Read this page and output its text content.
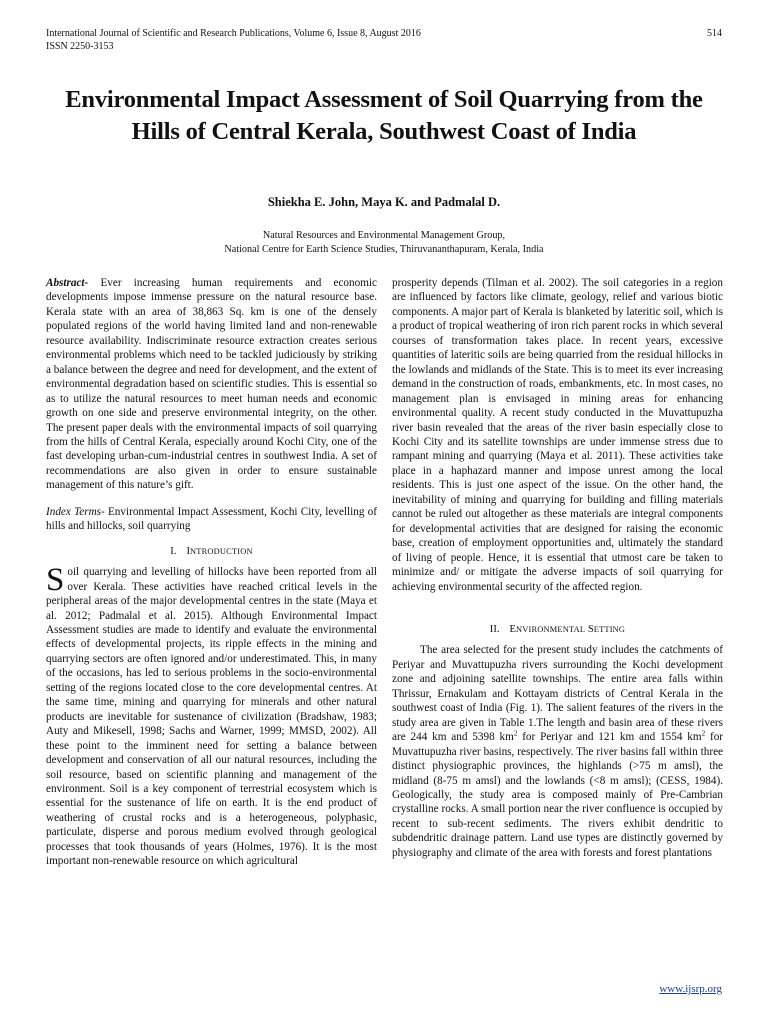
International Journal of Scientific and Research Publications, Volume 6, Issue 8, August 2016
ISSN 2250-3153
514
Environmental Impact Assessment of Soil Quarrying from the Hills of Central Kerala, Southwest Coast of India
Shiekha E. John, Maya K. and Padmalal D.
Natural Resources and Environmental Management Group,
National Centre for Earth Science Studies, Thiruvananthapuram, Kerala, India

Abstract- Ever increasing human requirements and economic developments impose immense pressure on the natural resource base. Kerala state with an area of 38,863 Sq. km is one of the densely populated regions of the world having limited land and non-renewable resource availability. Indiscriminate resource extraction creates serious environmental problems which need to be tackled judiciously by striking a balance between the degree and need for development, and the extent of environmental degradation based on scientific studies. This is essential so as to utilize the natural resources to meet human needs and economic growth on one side and preserve environmental integrity, on the other. The present paper deals with the environmental impacts of soil quarrying from the hills of Central Kerala, especially around Kochi City, one of the fast developing urban-cum-industrial centres in southwest India. A set of recommendations are also given in order to ensure sustainable management of this nature’s gift.

Index Terms- Environmental Impact Assessment, Kochi City, levelling of hills and hillocks, soil quarrying

I. INTRODUCTION

Soil quarrying and levelling of hillocks have been reported from all over Kerala. These activities have reached critical levels in the peripheral areas of the major developmental centres in the state (Maya et al. 2012; Padmalal et al. 2015). Although Environmental Impact Assessment studies are made to identify and evaluate the environmental effects of developmental projects, its ripple effects in the mining and quarrying sectors are often ignored and/or underestimated. This, in many of the occasions, has led to serious problems in the socio-environmental setting of the regions located close to the core developmental centres. At the same time, mining and quarrying for minerals and other natural products are inevitable for sustenance of civilization (Bradshaw, 1983; Auty and Mikesell, 1998; Sachs and Warner, 1999; MMSD, 2002). All these point to the imminent need for setting a balance between development and conservation of all our natural resources, including the soil resource, based on scientific planning and management of the environment. Soil is a key component of terrestrial ecosystem which is essential for the sustenance of life on earth. It is the end product of weathering of crustal rocks and is a heterogeneous, polyphasic, particulate, disperse and porous medium evolved through geological processes that took thousands of years (Holmes, 1976). It is the most important non-renewable resource on which agricultural

prosperity depends (Tilman et al. 2002). The soil categories in a region are influenced by factors like climate, geology, relief and various biotic components. A major part of Kerala is blanketed by lateritic soil, which is a product of tropical weathering of iron rich parent rocks in which several courses of transformation takes place. In recent years, excessive quantities of lateritic soils are being quarried from the residual hillocks in the lowlands and midlands of the State. This is to meet its ever increasing demand in the construction of roads, embankments, etc. In most cases, no management plan is envisaged in mining areas for enhancing environmental quality. A recent study conducted in the Muvattupuzha river basin revealed that the areas of the river basin especially close to Kochi City and its satellite townships are under immense stress due to rampant mining and quarrying (Maya et al. 2011). These activities take place in a haphazard manner and impose unrest among the local residents. This is just one aspect of the issue. On the other hand, the inevitability of mining and quarrying for building and filling materials cannot be ruled out altogether as these materials are integral components for developmental activities that are designed for raising the economic base, creation of employment opportunities and, ultimately the standard of living of people. Hence, it is essential that utmost care be taken to minimize and/ or mitigate the adverse impacts of soil quarrying for achieving environmental security of the affected region.

II. ENVIRONMENTAL SETTING

The area selected for the present study includes the catchments of Periyar and Muvattupuzha rivers surrounding the Kochi development zone and adjoining satellite townships. The entire area falls within Thrissur, Ernakulam and Kottayam districts of Central Kerala in the southwest coast of India (Fig. 1). The salient features of the rivers in the study area are given in Table 1.The length and basin area of these rivers are 244 km and 5398 $km^2$ for Periyar and 121 km and 1554 $km^2$ for Muvattupuzha river basins, respectively. The river basins fall within three distinct physiographic provinces, the highlands (>75 m amsl), the midland (8-75 m amsl) and the lowlands (<8 m amsl); (CESS, 1984). Geologically, the study area is composed mainly of Pre-Cambrian crystalline rocks. A small portion near the river confluence is occupied by recent to sub-recent sediments. The rivers exhibit dendritic to subdendritic drainage pattern. Land use types are distinctly governed by physiography and climate of the area with forests and forest plantations

www.ijsrp.org
